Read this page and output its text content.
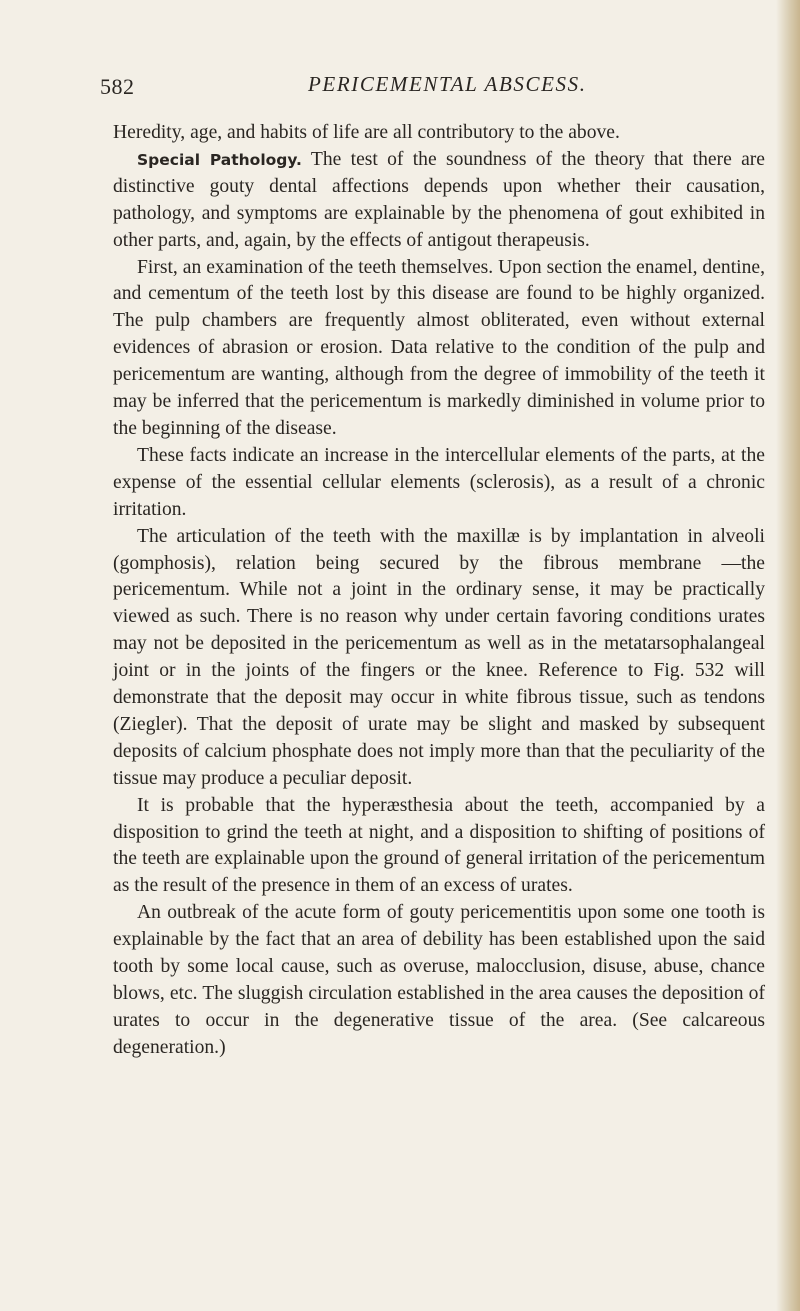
582	PERICEMENTAL ABSCESS.

Heredity, age, and habits of life are all contributory to the above.

Special Pathology. The test of the soundness of the theory that there are distinctive gouty dental affections depends upon whether their causation, pathology, and symptoms are explainable by the phenomena of gout exhibited in other parts, and, again, by the effects of antigout therapeusis.

First, an examination of the teeth themselves. Upon section the enamel, dentine, and cementum of the teeth lost by this disease are found to be highly organized. The pulp chambers are frequently almost obliterated, even without external evidences of abrasion or erosion. Data relative to the condition of the pulp and pericementum are wanting, although from the degree of immobility of the teeth it may be inferred that the pericementum is markedly diminished in volume prior to the beginning of the disease.

These facts indicate an increase in the intercellular elements of the parts, at the expense of the essential cellular elements (sclerosis), as a result of a chronic irritation.

The articulation of the teeth with the maxillæ is by implantation in alveoli (gomphosis), relation being secured by the fibrous membrane —the pericementum. While not a joint in the ordinary sense, it may be practically viewed as such. There is no reason why under certain favoring conditions urates may not be deposited in the pericementum as well as in the metatarsophalangeal joint or in the joints of the fingers or the knee. Reference to Fig. 532 will demonstrate that the deposit may occur in white fibrous tissue, such as tendons (Ziegler). That the deposit of urate may be slight and masked by subsequent deposits of calcium phosphate does not imply more than that the peculiarity of the tissue may produce a peculiar deposit.

It is probable that the hyperæsthesia about the teeth, accompanied by a disposition to grind the teeth at night, and a disposition to shifting of positions of the teeth are explainable upon the ground of general irritation of the pericementum as the result of the presence in them of an excess of urates.

An outbreak of the acute form of gouty pericementitis upon some one tooth is explainable by the fact that an area of debility has been established upon the said tooth by some local cause, such as overuse, malocclusion, disuse, abuse, chance blows, etc. The sluggish circulation established in the area causes the deposition of urates to occur in the degenerative tissue of the area. (See calcareous degeneration.)
